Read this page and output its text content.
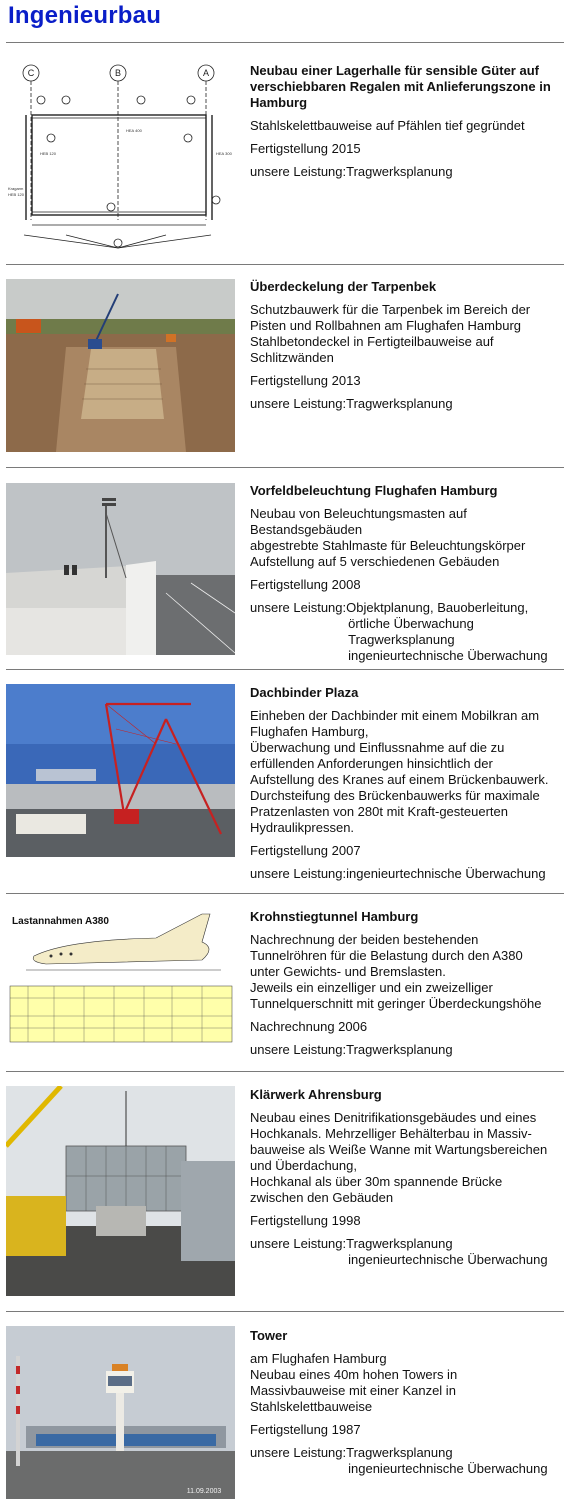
Ingenieurbau
C	B	A
HEA 400
HEB 120	HEA 300
Kragarm
HEB 120
Neubau einer Lagerhalle für sensible Güter auf
verschiebbaren Regalen mit Anlieferungszone in
Hamburg
Stahlskelettbauweise auf Pfählen tief gegründet
Fertigstellung 2015
unsere Leistung:	Tragwerksplanung
Überdeckelung der Tarpenbek
Schutzbauwerk für die Tarpenbek im Bereich der
Pisten und Rollbahnen am Flughafen Hamburg
Stahlbetondeckel in Fertigteilbauweise auf
Schlitzwänden
Fertigstellung 2013
unsere Leistung:	Tragwerksplanung
Vorfeldbeleuchtung Flughafen Hamburg
Neubau von Beleuchtungsmasten auf
Bestandsgebäuden
abgestrebte Stahlmaste für Beleuchtungskörper
Aufstellung auf 5 verschiedenen Gebäuden
Fertigstellung 2008
unsere Leistung:	Objektplanung, Bauoberleitung,
örtliche Überwachung
Tragwerksplanung
ingenieurtechnische Überwachung
Dachbinder Plaza
Einheben der Dachbinder mit einem Mobilkran am
Flughafen Hamburg,
Überwachung und Einflussnahme auf die zu
erfüllenden Anforderungen hinsichtlich der
Aufstellung des Kranes auf einem Brückenbauwerk.
Durchsteifung des Brückenbauwerks für maximale
Pratzenlasten von 280t mit Kraft-gesteuerten
Hydraulikpressen.
Fertigstellung 2007
unsere Leistung:	ingenieurtechnische Überwachung
Lastannahmen A380	Krohnstiegtunnel Hamburg
Nachrechnung der beiden bestehenden
Tunnelröhren für die Belastung durch den A380
unter Gewichts- und Bremslasten.
Jeweils ein einzelliger und ein zweizelliger
Tunnelquerschnitt mit geringer Überdeckungshöhe
Nachrechnung 2006
unsere Leistung:	Tragwerksplanung
Klärwerk Ahrensburg
Neubau eines Denitrifikationsgebäudes und eines
Hochkanals. Mehrzelliger Behälterbau in Massiv-
bauweise als Weiße Wanne mit Wartungsbereichen
und Überdachung,
Hochkanal als über 30m spannende Brücke
zwischen den Gebäuden
Fertigstellung 1998
unsere Leistung:	Tragwerksplanung
ingenieurtechnische Überwachung
11.09.2003
Tower
am Flughafen Hamburg
Neubau eines 40m hohen Towers in
Massivbauweise mit einer Kanzel in
Stahlskelettbauweise
Fertigstellung 1987
unsere Leistung:	Tragwerksplanung
ingenieurtechnische Überwachung
